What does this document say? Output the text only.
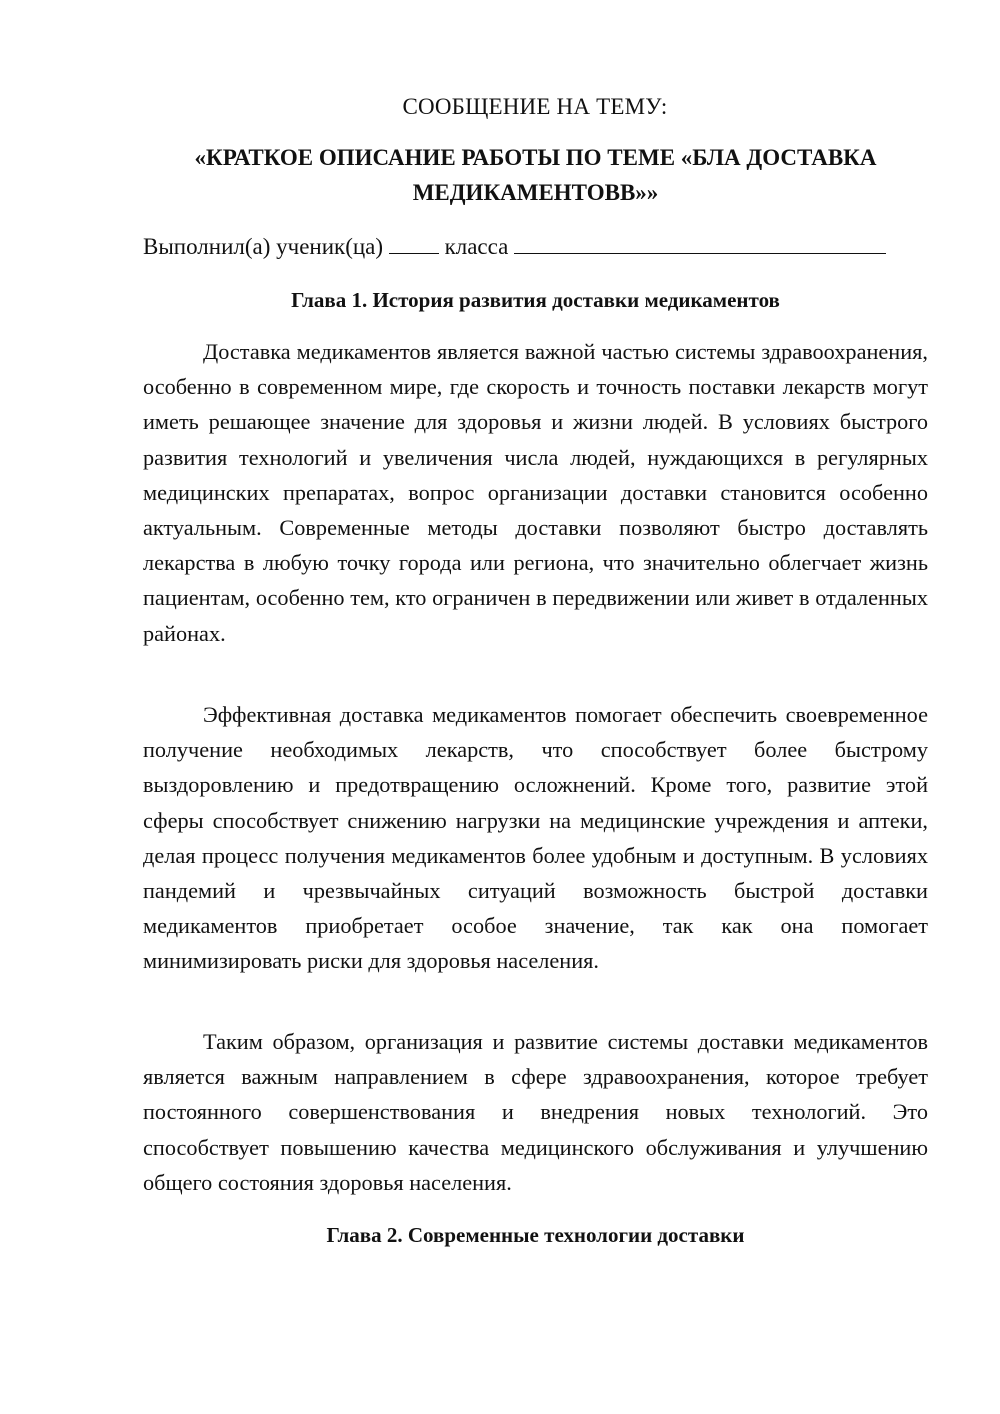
СООБЩЕНИЕ НА ТЕМУ:
«КРАТКОЕ ОПИСАНИЕ РАБОТЫ ПО ТЕМЕ «БЛА ДОСТАВКА МЕДИКАМЕНТОВВ»»
Выполнил(а) ученик(ца)	класса
Глава 1. История развития доставки медикаментов

Доставка медикаментов является важной частью системы здравоохранения, особенно в современном мире, где скорость и точность поставки лекарств могут иметь решающее значение для здоровья и жизни людей. В условиях быстрого развития технологий и увеличения числа людей, нуждающихся в регулярных медицинских препаратах, вопрос организации доставки становится особенно актуальным. Современные методы доставки позволяют быстро доставлять лекарства в любую точку города или региона, что значительно облегчает жизнь пациентам, особенно тем, кто ограничен в передвижении или живет в отдаленных районах.

Эффективная доставка медикаментов помогает обеспечить своевременное получение необходимых лекарств, что способствует более быстрому выздоровлению и предотвращению осложнений. Кроме того, развитие этой сферы способствует снижению нагрузки на медицинские учреждения и аптеки, делая процесс получения медикаментов более удобным и доступным. В условиях пандемий и чрезвычайных ситуаций возможность быстрой доставки медикаментов приобретает особое значение, так как она помогает минимизировать риски для здоровья населения.

Таким образом, организация и развитие системы доставки медикаментов является важным направлением в сфере здравоохранения, которое требует постоянного совершенствования и внедрения новых технологий. Это способствует повышению качества медицинского обслуживания и улучшению общего состояния здоровья населения.

Глава 2. Современные технологии доставки
